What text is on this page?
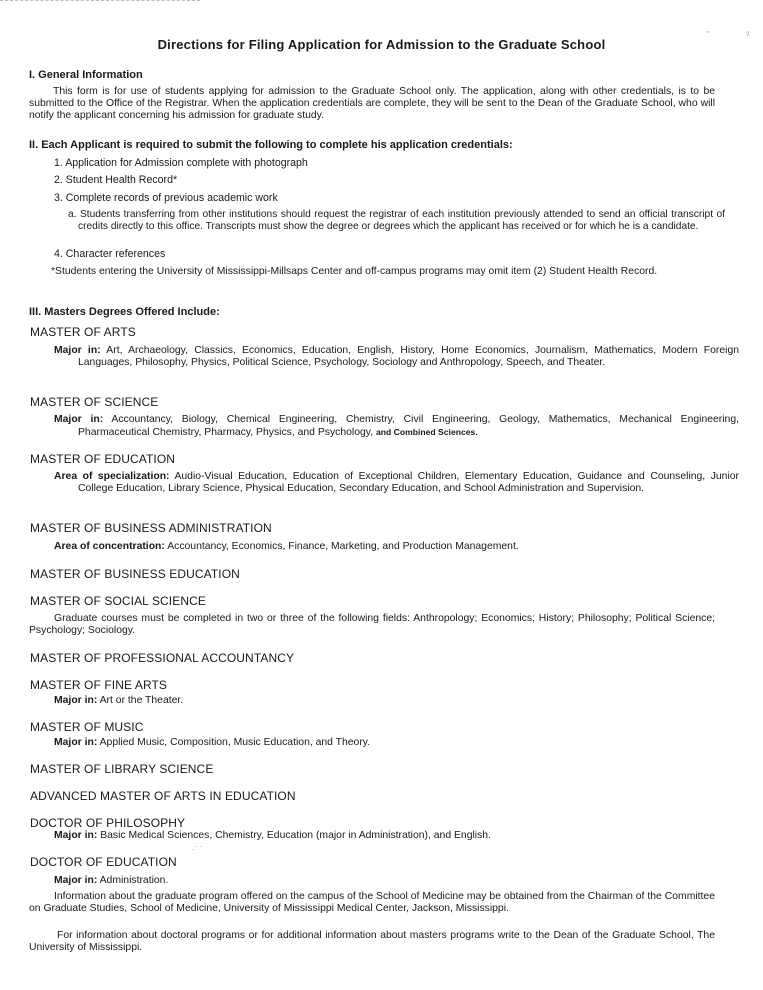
ˇ	ˀ
Directions for Filing Application for Admission to the Graduate School
I. General Information
This form is for use of students applying for admission to the Graduate School only. The application, along with other credentials, is to be submitted to the Office of the Registrar. When the application credentials are complete, they will be sent to the Dean of the Graduate School, who will notify the applicant concerning his admission for graduate study.
II. Each Applicant is required to submit the following to complete his application credentials:
1. Application for Admission complete with photograph
2. Student Health Record*
3. Complete records of previous academic work
a. Students transferring from other institutions should request the registrar of each institution previously attended to send an official transcript of credits directly to this office. Transcripts must show the degree or degrees which the applicant has received or for which he is a candidate.
4. Character references
*Students entering the University of Mississippi-Millsaps Center and off-campus programs may omit item (2) Student Health Record.
III. Masters Degrees Offered Include:
MASTER OF ARTS
Major in: Art, Archaeology, Classics, Economics, Education, English, History, Home Economics, Journalism, Mathematics, Modern Foreign Languages, Philosophy, Physics, Political Science, Psychology, Sociology and Anthropology, Speech, and Theater.
MASTER OF SCIENCE
Major in: Accountancy, Biology, Chemical Engineering, Chemistry, Civil Engineering, Geology, Mathematics, Mechanical Engineering, Pharmaceutical Chemistry, Pharmacy, Physics, and Psychology, and Combined Sciences.
MASTER OF EDUCATION
Area of specialization: Audio-Visual Education, Education of Exceptional Children, Elementary Education, Guidance and Counseling, Junior College Education, Library Science, Physical Education, Secondary Education, and School Administration and Supervision.
MASTER OF BUSINESS ADMINISTRATION
Area of concentration: Accountancy, Economics, Finance, Marketing, and Production Management.
MASTER OF BUSINESS EDUCATION
MASTER OF SOCIAL SCIENCE
Graduate courses must be completed in two or three of the following fields: Anthropology; Economics; History; Philosophy; Political Science; Psychology; Sociology.
MASTER OF PROFESSIONAL ACCOUNTANCY
MASTER OF FINE ARTS
Major in: Art or the Theater.
MASTER OF MUSIC
Major in: Applied Music, Composition, Music Education, and Theory.
MASTER OF LIBRARY SCIENCE
ADVANCED MASTER OF ARTS IN EDUCATION
DOCTOR OF PHILOSOPHY
Major in: Basic Medical Sciences, Chemistry, Education (major in Administration), and English.
ᐧ˙ ˙
DOCTOR OF EDUCATION
Major in: Administration.
Information about the graduate program offered on the campus of the School of Medicine may be obtained from the Chairman of the Committee on Graduate Studies, School of Medicine, University of Mississippi Medical Center, Jackson, Mississippi.
For information about doctoral programs or for additional information about masters programs write to the Dean of the Graduate School, The University of Mississippi.
